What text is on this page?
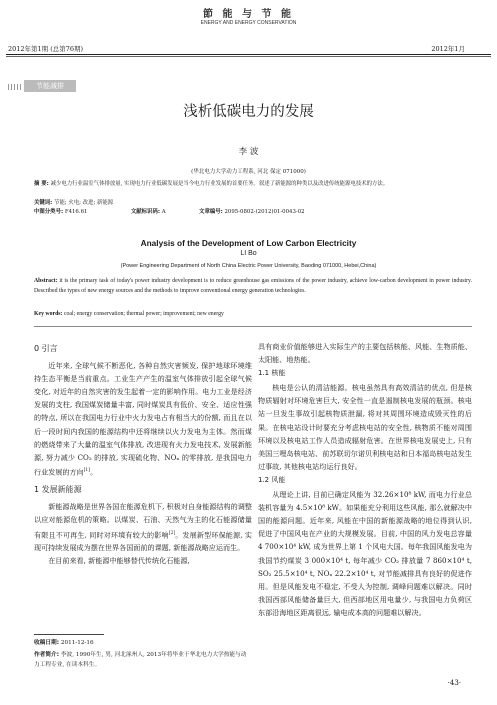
節 能 与 节 能
ENERGY AND ENERGY CONSERVATION
2012年第1期 (总第76期)	2012年1月
节能减排
浅析低碳电力的发展
李 波
(华北电力大学动力工程系, 河北 保定 071000)
摘 要: 减少电力行业温室气体排放量, 实现电力行业低碳发展是当今电力行业发展的首要任务。叙述了新能源的种类以及改进传统能源电技术的方法。
关键词: 节能; 火电; 改进; 新能源
中图分类号: F416.61	文献标识码: A	文章编号: 2095-0802-(2012)01-0043-02
Analysis of the Development of Low Carbon Electricity
LI Bo
(Power Engineering Department of North China Electric Power University, Baoding 071000, Hebei,China)
Abstract: it is the primary task of today's power industry development is to reduce greenhouse gas emissions of the power industry, achieve low-carbon development in power industry. Described the types of new energy sources and the methods to improve conventional energy generation technologies.
Key words: coal; energy conservation; thermal power; improvement; new energy
0 引言

近年来, 全球气候不断恶化, 各种自然灾害频发, 保护地球环境维持生态平衡是当前重点。工业生产产生的温室气体排放引起全球气候变化, 对近年的自然灾害的发生起着一定的影响作用。电力工业是经济发展的支柱, 我国煤炭储量丰富, 同时煤炭具有低价、安全、适应性强的特点, 所以在我国电力行业中火力发电占有相当大的份额, 而且在以后一段时间内我国的能源结构中还将继续以火力发电为主体。然而煤的燃烧带来了大量的温室气体排放, 改进现有火力发电技术, 发展新能源, 努力减少 CO₂ 的排放, 实现硫化物、NOₓ 的零排放, 是我国电力行业发展的方向[1]。

1 发展新能源

新能源战略是世界各国在能源危机下, 积极对自身能源结构的调整以应对能源危机的策略。以煤炭、石油、天然气为主的化石能源储量有限且不可再生, 同时对环境有较大的影响[2]。发展新型环保能源, 实现可持续发展成为摆在世界各国面前的课题, 新能源战略应运而生。

在目前来看, 新能源中能够替代传统化石能源,

收稿日期: 2011-12-16
作者简介: 李波, 1990年生, 男, 河北涿州人, 2013年将毕业于华北电力大学热能与动力工程专业, 在读本科生。

具有商业价值能够进入实际生产的主要包括核能、风能、生物质能、太阳能、地热能。

1.1 核能

核电是公认的清洁能源。核电虽然具有高效清洁的优点, 但是核物质辐射对环境危害巨大, 安全性一直是遏制核电发展的瓶颈。核电站一旦发生事故引起核物质泄漏, 将对其周围环境造成毁灭性的后果。在核电站设计时要充分考虑核电站的安全性, 核物质不能对周围环境以及核电站工作人员造成辐射危害。在世界核电发展史上, 只有美国三哩岛核电站、前苏联切尔诺贝利核电站和日本福岛核电站发生过事故, 其他核电站均运行良好。

1.2 风能

从理论上讲, 目前已确定风能为 32.26×10⁸ kW, 而电力行业总装机容量为 4.5×10⁸ kW。如果能充分利用这些风能, 那么就解决中国的能源问题。近年来, 风能在中国的新能源战略的地位得到认识, 促进了中国风电在产业的大规模发展。目前, 中国的风力发电总容量 4 700×10⁴ kW, 成为世界上第 1 个风电大国。每年我国风能发电为我国节约煤炭 3 000×10⁴ t, 每年减少 CO₂ 排放量 7 860×10⁴ t, SO₂ 25.5×10⁴ t, NOₓ 22.2×10⁴ t, 对节能减排具有良好的促进作用。但是风能发电不稳定, 不受人为控制, 调峰问题难以解决。同时我国西部风能储备量巨大, 但西部地区用电量少, 与我国电力负荷区东部沿海地区距离很远, 输电成本高的问题难以解决。

·43·
